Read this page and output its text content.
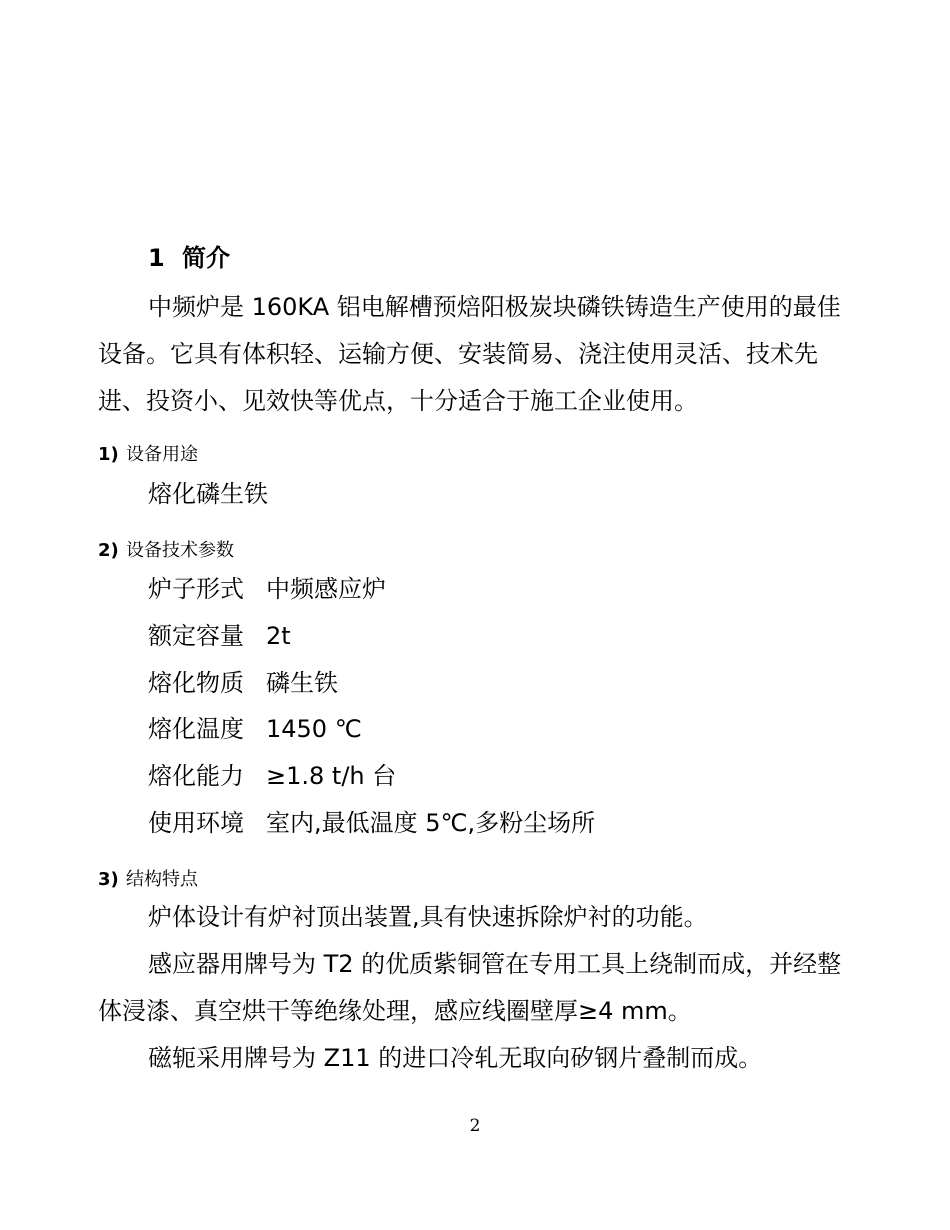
1 简介
中频炉是 160KA 铝电解槽预焙阳极炭块磷铁铸造生产使用的最佳设备。它具有体积轻、运输方便、安装简易、浇注使用灵活、技术先进、投资小、见效快等优点，十分适合于施工企业使用。
1) 设备用途
熔化磷生铁
2) 设备技术参数
炉子形式 中频感应炉
额定容量 2t
熔化物质 磷生铁
熔化温度 1450 ℃
熔化能力 ≥1.8 t/h 台
使用环境 室内,最低温度 5℃,多粉尘场所
3) 结构特点
炉体设计有炉衬顶出装置,具有快速拆除炉衬的功能。
感应器用牌号为 T2 的优质紫铜管在专用工具上绕制而成，并经整体浸漆、真空烘干等绝缘处理，感应线圈壁厚≥4 mm。
磁轭采用牌号为 Z11 的进口冷轧无取向矽钢片叠制而成。
2
